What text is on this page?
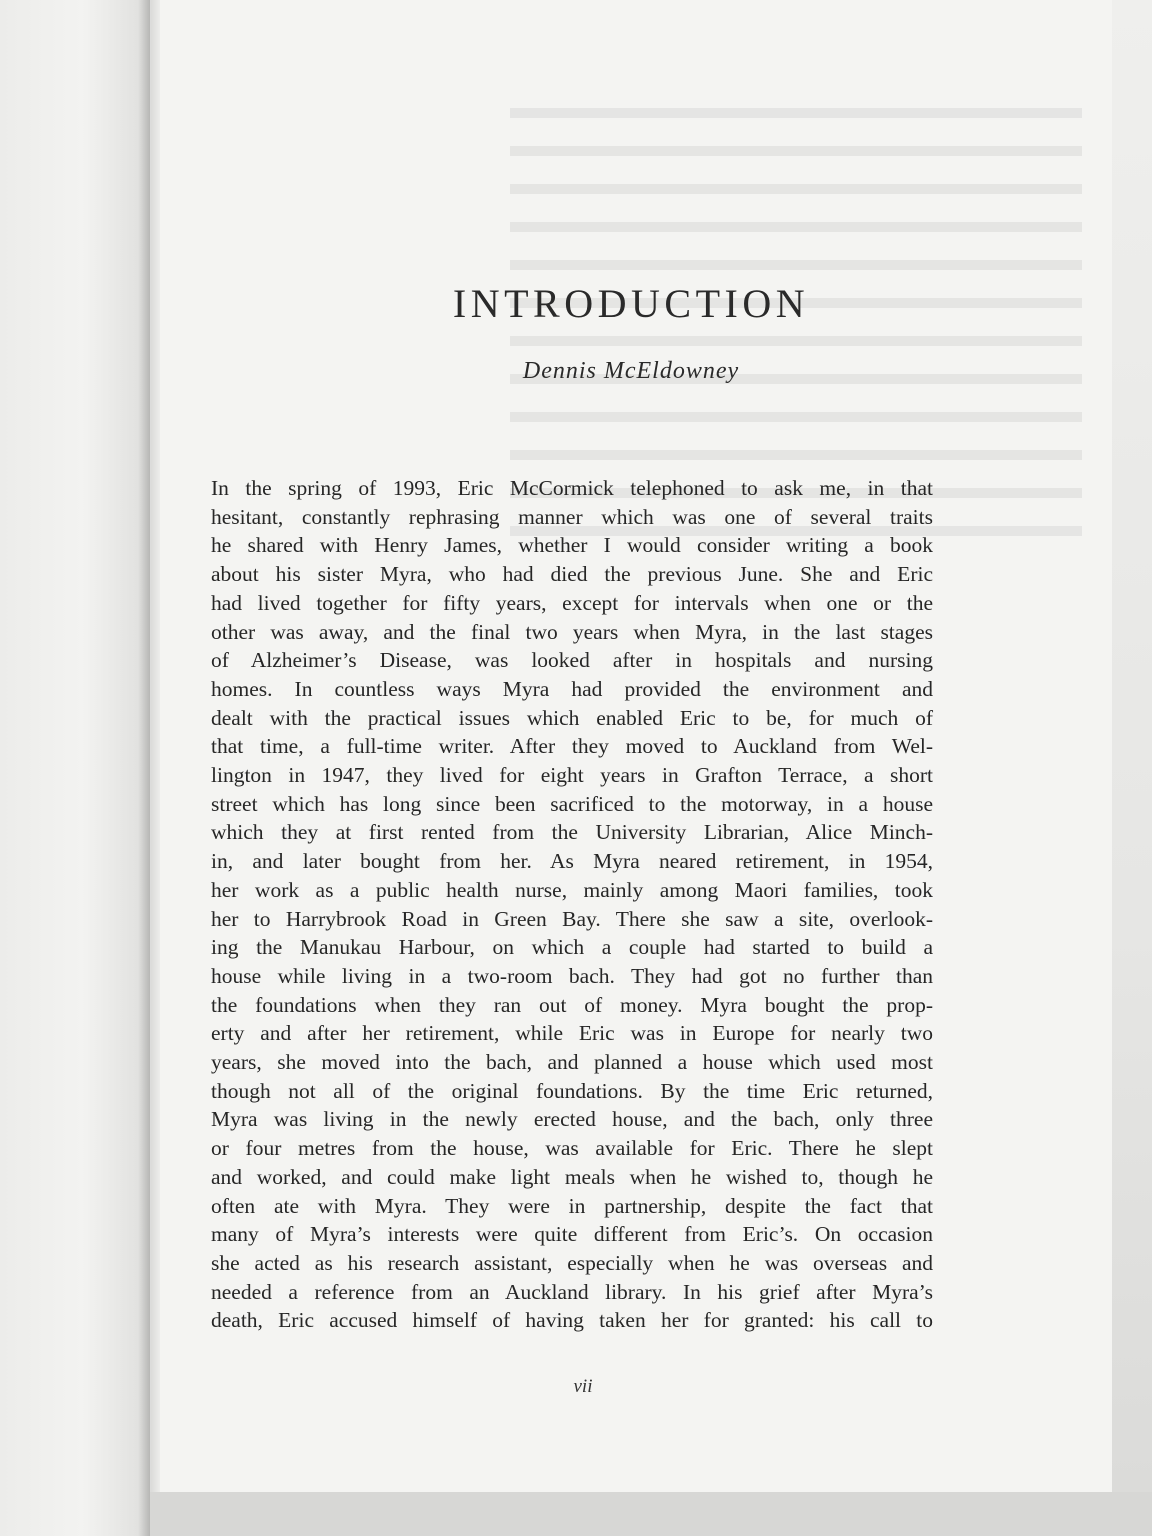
INTRODUCTION

Dennis McEldowney

In the spring of 1993, Eric McCormick telephoned to ask me, in that
hesitant, constantly rephrasing manner which was one of several traits
he shared with Henry James, whether I would consider writing a book
about his sister Myra, who had died the previous June. She and Eric
had lived together for fifty years, except for intervals when one or the
other was away, and the final two years when Myra, in the last stages
of Alzheimer’s Disease, was looked after in hospitals and nursing
homes. In countless ways Myra had provided the environment and
dealt with the practical issues which enabled Eric to be, for much of
that time, a full-time writer. After they moved to Auckland from Wel-
lington in 1947, they lived for eight years in Grafton Terrace, a short
street which has long since been sacrificed to the motorway, in a house
which they at first rented from the University Librarian, Alice Minch-
in, and later bought from her. As Myra neared retirement, in 1954,
her work as a public health nurse, mainly among Maori families, took
her to Harrybrook Road in Green Bay. There she saw a site, overlook-
ing the Manukau Harbour, on which a couple had started to build a
house while living in a two-room bach. They had got no further than
the foundations when they ran out of money. Myra bought the prop-
erty and after her retirement, while Eric was in Europe for nearly two
years, she moved into the bach, and planned a house which used most
though not all of the original foundations. By the time Eric returned,
Myra was living in the newly erected house, and the bach, only three
or four metres from the house, was available for Eric. There he slept
and worked, and could make light meals when he wished to, though he
often ate with Myra. They were in partnership, despite the fact that
many of Myra’s interests were quite different from Eric’s. On occasion
she acted as his research assistant, especially when he was overseas and
needed a reference from an Auckland library. In his grief after Myra’s
death, Eric accused himself of having taken her for granted: his call to

vii
